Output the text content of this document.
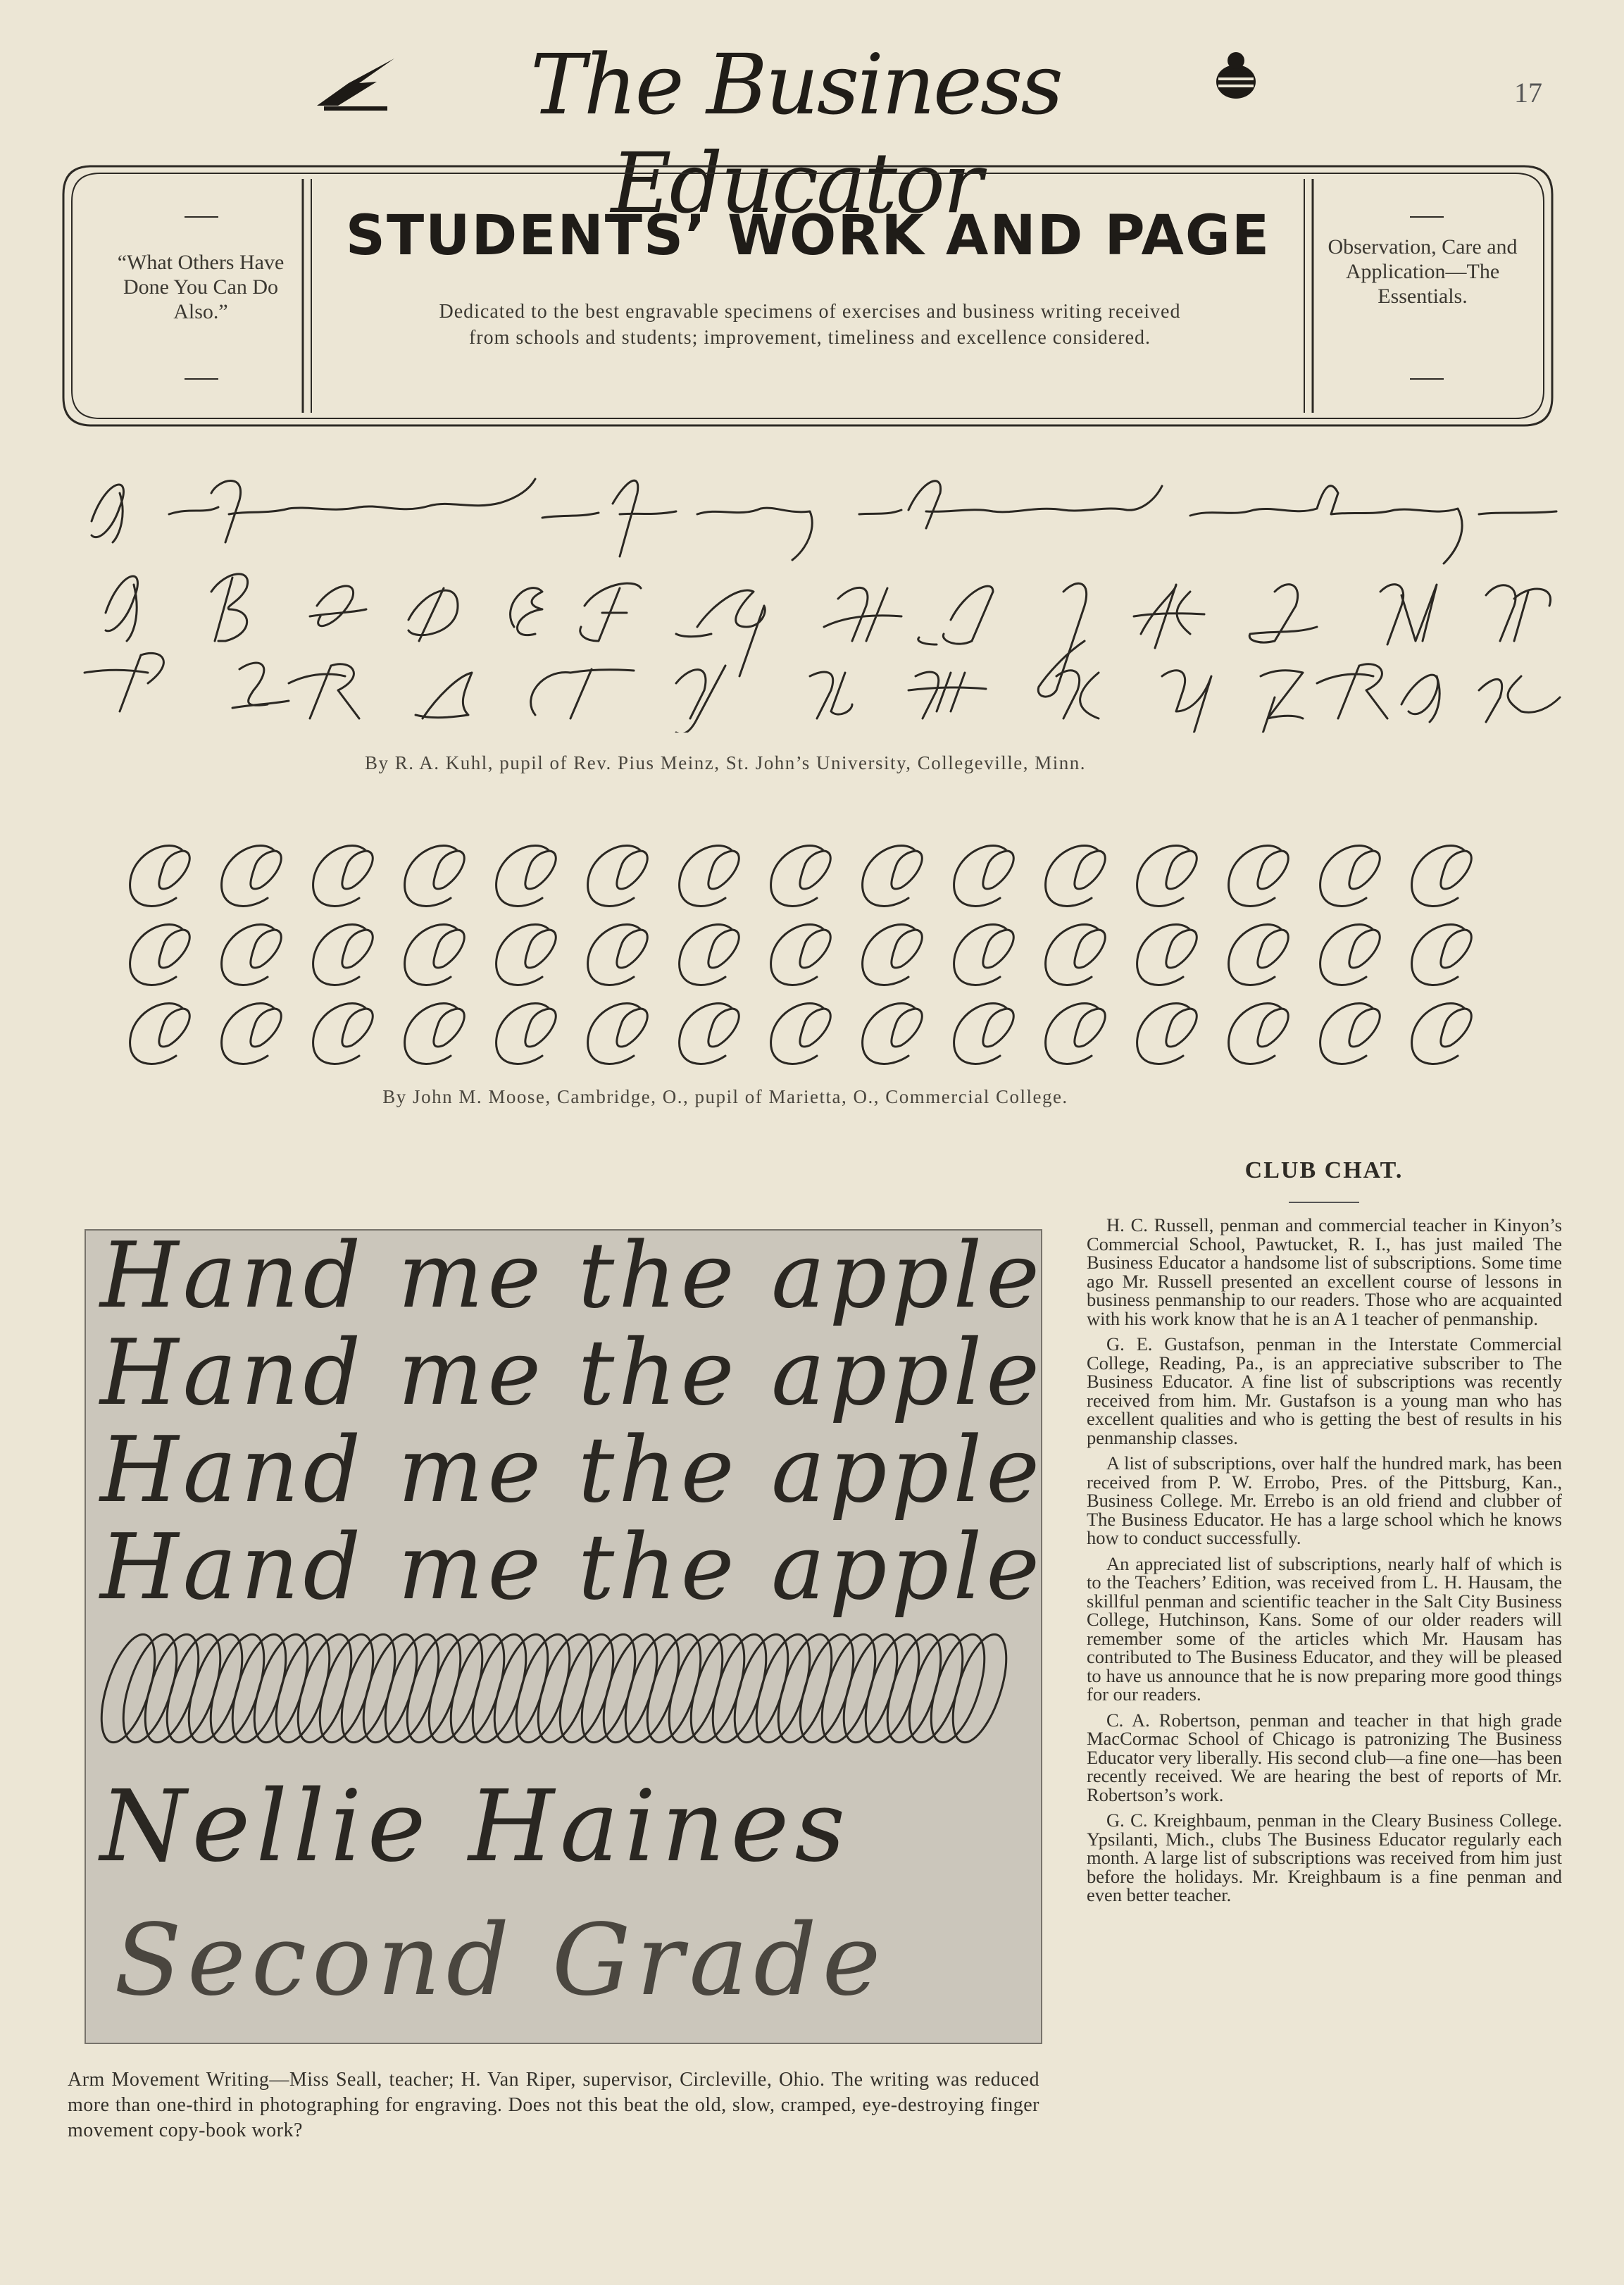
The Business Educator
17
“What Others Have Done You Can Do Also.”
STUDENTS’ WORK AND PAGE
Dedicated to the best engravable specimens of exercises and business writing received from schools and students; improvement, timeliness and excellence considered.
Observation, Care and Application—The Essentials.
By R. A. Kuhl, pupil of Rev. Pius Meinz, St. John’s University, Collegeville, Minn.
By John M. Moose, Cambridge, O., pupil of Marietta, O., Commercial College.
Hand me the apple
Hand me the apple
Hand me the apple
Hand me the apple
Nellie Haines
Second Grade
Arm Movement Writing—Miss Seall, teacher; H. Van Riper, supervisor, Circleville, Ohio. The writing was reduced more than one-third in photographing for engraving. Does not this beat the old, slow, cramped, eye-destroying finger movement copy-book work?
CLUB CHAT.

H. C. Russell, penman and commercial teacher in Kinyon’s Commercial School, Pawtucket, R. I., has just mailed The Business Educator a handsome list of subscriptions. Some time ago Mr. Russell presented an excellent course of lessons in business penmanship to our readers. Those who are acquainted with his work know that he is an A 1 teacher of penmanship.

G. E. Gustafson, penman in the Interstate Commercial College, Reading, Pa., is an appreciative subscriber to The Business Educator. A fine list of subscriptions was recently received from him. Mr. Gustafson is a young man who has excellent qualities and who is getting the best of results in his penmanship classes.

A list of subscriptions, over half the hundred mark, has been received from P. W. Errobo, Pres. of the Pittsburg, Kan., Business College. Mr. Errebo is an old friend and clubber of The Business Educator. He has a large school which he knows how to conduct successfully.

An appreciated list of subscriptions, nearly half of which is to the Teachers’ Edition, was received from L. H. Hausam, the skillful penman and scientific teacher in the Salt City Business College, Hutchinson, Kans. Some of our older readers will remember some of the articles which Mr. Hausam has contributed to The Business Educator, and they will be pleased to have us announce that he is now preparing more good things for our readers.

C. A. Robertson, penman and teacher in that high grade MacCormac School of Chicago is patronizing The Business Educator very liberally. His second club—a fine one—has been recently received. We are hearing the best of reports of Mr. Robertson’s work.

G. C. Kreighbaum, penman in the Cleary Business College. Ypsilanti, Mich., clubs The Business Educator regularly each month. A large list of subscriptions was received from him just before the holidays. Mr. Kreighbaum is a fine penman and even better teacher.
